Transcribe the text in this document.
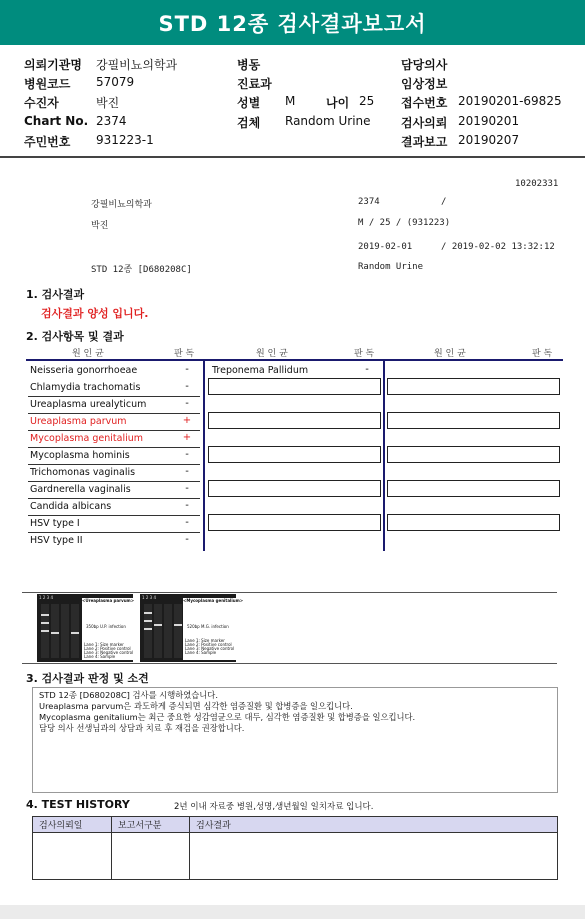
STD 12종 검사결과보고서
의뢰기관명 강필비뇨의학과
병원코드 57079
수진자	박진
Chart No. 2374
주민번호 931223-1
병동
진료과
성별 M	나이 25
검체 Random Urine
담당의사
임상정보
접수번호 20190201-69825
검사의뢰 20190201
결과보고 20190207
10202331
강필비뇨의학과	2374	/
박진	M / 25 / (931223)
2019-02-01	/ 2019-02-02 13:32:12
STD 12종 [D680208C]	Random Urine
1. 검사결과
검사결과 양성 입니다.
2. 검사항목 및 결과
원 인 균	판 독	원 인 균	판 독	원 인 균	판 독
Neisseria gonorrhoeae	-
Chlamydia trachomatis	-
Ureaplasma urealyticum	-
Ureaplasma parvum	+
Mycoplasma genitalium	+
Mycoplasma hominis	-
Trichomonas vaginalis	-
Gardnerella vaginalis	-
Candida albicans	-
HSV type I	-
HSV type II	-
Treponema Pallidum	-
1 2 3 4
<Ureaplasma parvum>
350bp U.P. infection
Lane 1: Size marker
Lane 2: Positive control
Lane 3: Negative control
Lane 4: Sample
1 2 3 4
<Mycoplasma genitalium>
520bp M.G. infection
Lane 1: Size marker
Lane 2: Positive control
Lane 3: Negative control
Lane 4: Sample
3. 검사결과 판정 및 소견
STD 12종 [D680208C] 검사를 시행하였습니다.
Ureaplasma parvum은 과도하게 증식되면 심각한 염증질환 및 합병증을 일으킵니다.
Mycoplasma genitalium는 최근 중요한 성감염균으로 대두, 심각한 염증질환 및 합병증을 일으킵니다.
담당 의사 선생님과의 상담과 치료 후 재검을 권장합니다.
4. TEST HISTORY	2년 이내 자료중 병원,성명,생년월일 일치자료 입니다.
검사의뢰일	보고서구분	검사결과
